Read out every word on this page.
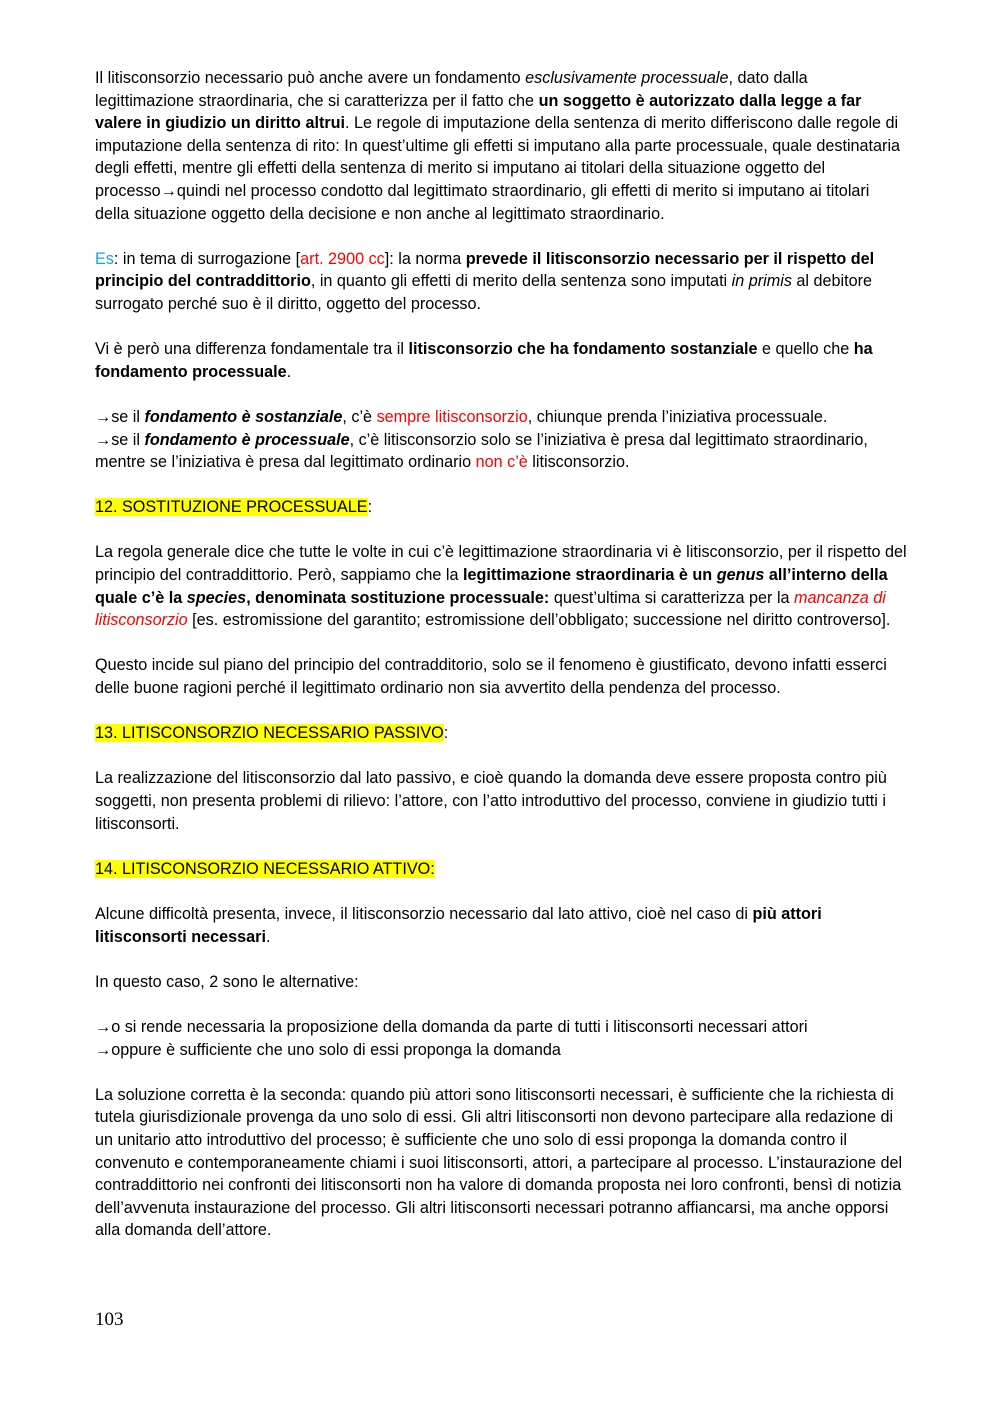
Il litisconsorzio necessario può anche avere un fondamento esclusivamente processuale, dato dalla legittimazione straordinaria, che si caratterizza per il fatto che un soggetto è autorizzato dalla legge a far valere in giudizio un diritto altrui. Le regole di imputazione della sentenza di merito differiscono dalle regole di imputazione della sentenza di rito: In quest’ultime gli effetti si imputano alla parte processuale, quale destinataria degli effetti, mentre gli effetti della sentenza di merito si imputano ai titolari della situazione oggetto del processo→quindi nel processo condotto dal legittimato straordinario, gli effetti di merito si imputano ai titolari della situazione oggetto della decisione e non anche al legittimato straordinario.

Es: in tema di surrogazione [art. 2900 cc]: la norma prevede il litisconsorzio necessario per il rispetto del principio del contraddittorio, in quanto gli effetti di merito della sentenza sono imputati in primis al debitore surrogato perché suo è il diritto, oggetto del processo.

Vi è però una differenza fondamentale tra il litisconsorzio che ha fondamento sostanziale e quello che ha fondamento processuale.

→se il fondamento è sostanziale, c’è sempre litisconsorzio, chiunque prenda l’iniziativa processuale.

→se il fondamento è processuale, c’è litisconsorzio solo se l’iniziativa è presa dal legittimato straordinario, mentre se l’iniziativa è presa dal legittimato ordinario non c’è litisconsorzio.

12. SOSTITUZIONE PROCESSUALE:

La regola generale dice che tutte le volte in cui c’è legittimazione straordinaria vi è litisconsorzio, per il rispetto del principio del contraddittorio. Però, sappiamo che la legittimazione straordinaria è un genus all’interno della quale c’è la species, denominata sostituzione processuale: quest’ultima si caratterizza per la mancanza di litisconsorzio [es. estromissione del garantito; estromissione dell’obbligato; successione nel diritto controverso].

Questo incide sul piano del principio del contradditorio, solo se il fenomeno è giustificato, devono infatti esserci delle buone ragioni perché il legittimato ordinario non sia avvertito della pendenza del processo.

13. LITISCONSORZIO NECESSARIO PASSIVO:

La realizzazione del litisconsorzio dal lato passivo, e cioè quando la domanda deve essere proposta contro più soggetti, non presenta problemi di rilievo: l’attore, con l’atto introduttivo del processo, conviene in giudizio tutti i litisconsorti.

14. LITISCONSORZIO NECESSARIO ATTIVO:

Alcune difficoltà presenta, invece, il litisconsorzio necessario dal lato attivo, cioè nel caso di più attori litisconsorti necessari.

In questo caso, 2 sono le alternative:

→o si rende necessaria la proposizione della domanda da parte di tutti i litisconsorti necessari attori

→oppure è sufficiente che uno solo di essi proponga la domanda

La soluzione corretta è la seconda: quando più attori sono litisconsorti necessari, è sufficiente che la richiesta di tutela giurisdizionale provenga da uno solo di essi. Gli altri litisconsorti non devono partecipare alla redazione di un unitario atto introduttivo del processo; è sufficiente che uno solo di essi proponga la domanda contro il convenuto e contemporaneamente chiami i suoi litisconsorti, attori, a partecipare al processo. L’instaurazione del contraddittorio nei confronti dei litisconsorti non ha valore di domanda proposta nei loro confronti, bensì di notizia dell’avvenuta instaurazione del processo. Gli altri litisconsorti necessari potranno affiancarsi, ma anche opporsi alla domanda dell’attore.

103
